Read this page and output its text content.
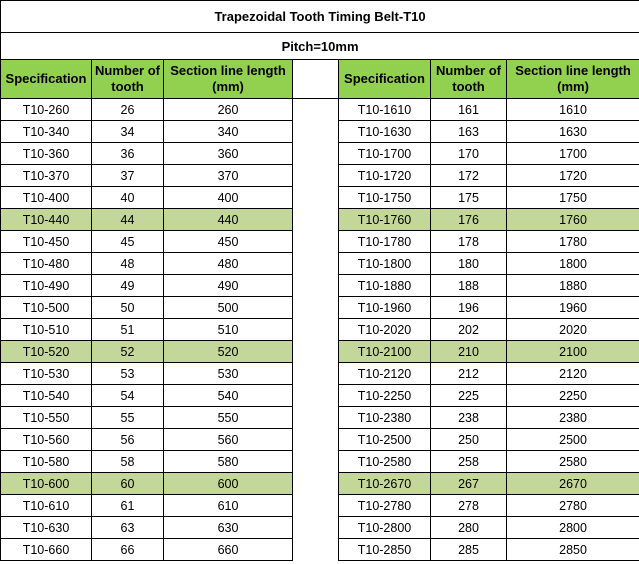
Trapezoidal Tooth Timing Belt-T10						
Pitch=10mm						
Specification	Number of tooth	Section line length (mm)		Specification	Number of tooth	Section line length (mm)
T10-260	26	260		T10-1610	161	1610
T10-340	34	340		T10-1630	163	1630
T10-360	36	360		T10-1700	170	1700
T10-370	37	370		T10-1720	172	1720
T10-400	40	400		T10-1750	175	1750
T10-440	44	440		T10-1760	176	1760
T10-450	45	450		T10-1780	178	1780
T10-480	48	480		T10-1800	180	1800
T10-490	49	490		T10-1880	188	1880
T10-500	50	500		T10-1960	196	1960
T10-510	51	510		T10-2020	202	2020
T10-520	52	520		T10-2100	210	2100
T10-530	53	530		T10-2120	212	2120
T10-540	54	540		T10-2250	225	2250
T10-550	55	550		T10-2380	238	2380
T10-560	56	560		T10-2500	250	2500
T10-580	58	580		T10-2580	258	2580
T10-600	60	600		T10-2670	267	2670
T10-610	61	610		T10-2780	278	2780
T10-630	63	630		T10-2800	280	2800
T10-660	66	660		T10-2850	285	2850
